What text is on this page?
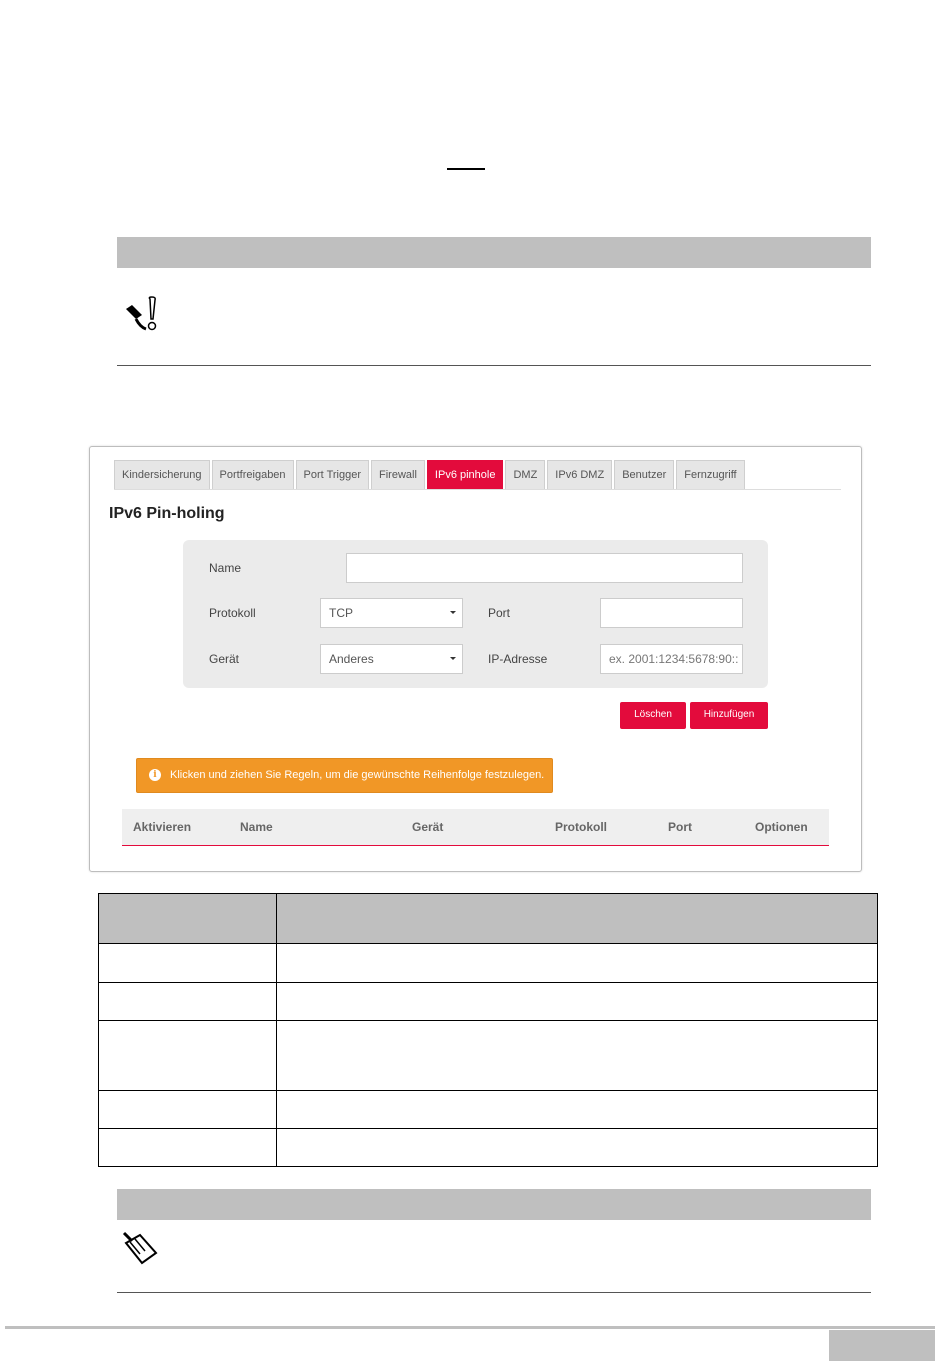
Kindersicherung	Portfreigaben	Port Trigger	Firewall	IPv6 pinhole	DMZ	IPv6 DMZ	Benutzer	Fernzugriff
IPv6 Pin-holing
Name
Protokoll	TCP	Port
Gerät	Anderes	IP-Adresse	ex. 2001:1234:5678:90::
Löschen	Hinzufügen
i	Klicken und ziehen Sie Regeln, um die gewünschte Reihenfolge festzulegen.
Aktivieren	Name	Gerät	Protokoll	Port	Optionen
